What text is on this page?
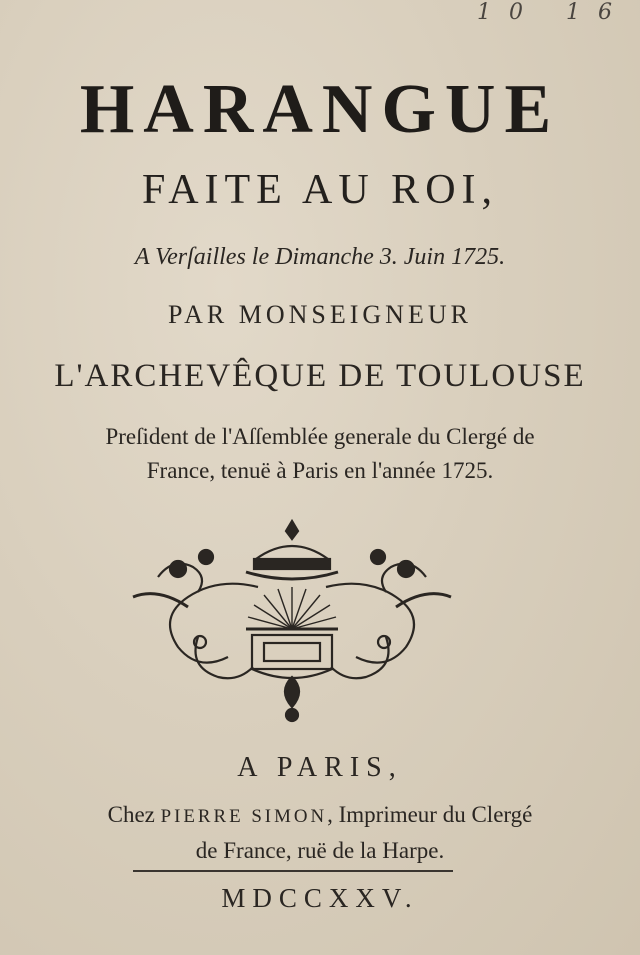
10 16
HARANGUE
FAITE AU ROI,
A Verſailles le Dimanche 3. Juin 1725.
PAR MONSEIGNEUR
L'ARCHEVÊQUE DE TOULOUSE
Preſident de l'Aſſemblée generale du Clergé de
France, tenuë à Paris en l'année 1725.
A PARIS,
Chez PIERRE SIMON, Imprimeur du Clergé
de France, ruë de la Harpe.
MDCCXXV.
